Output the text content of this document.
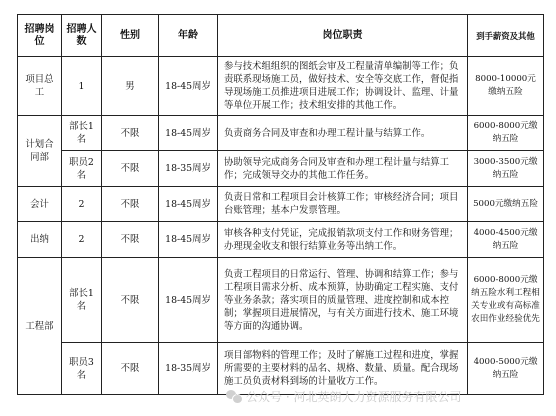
招聘岗位	招聘人数	性别	年龄	岗位职责	到手薪资及其他
项目总工	1	男	18-45周岁	参与技术组组织的图纸会审及工程量清单编制等工作；负责联系现场施工员，做好技术、安全等交底工作，督促指导现场施工员推进项目进展工作；协调设计、监理、计量等单位开展工作；技术组安排的其他工作。	8000-10000元缴纳五险
计划合同部	部长1名	不限	18-45周岁	负责商务合同及审查和办理工程计量与结算工作。	6000-8000元缴纳五险
	职员2名	不限	18-35周岁	协助领导完成商务合同及审查和办理工程计量与结算工作；完成领导交办的其他工作任务。	3000-3500元缴纳五险
会计	2	不限	18-45周岁	负责日常和工程项目会计核算工作；审核经济合同；项目台账管理；基本户发票管理。	5000元缴纳五险
出纳	2	不限	18-45周岁	审核各种支付凭证，完成报销款项支付工作和财务管理；办理现金收支和银行结算业务等出纳工作。	4000-4500元缴纳五险
工程部	部长1名	不限	18-45周岁	负责工程项目的日常运行、管理、协调和结算工作；参与工程项目需求分析、成本预算，协助确定工程实施、支付等业务条款；落实项目的质量管理、进度控制和成本控制；掌握项目进展情况，与有关方面进行技术、施工环境等方面的沟通协调。	6000-8000元缴纳五险水利工程相关专业或有高标准农田作业经验优先
	职员3名	不限	18-35周岁	项目部物料的管理工作；及时了解施工过程和进度，掌握所需要的主要材料的品名、规格、数量、质量。配合现场施工员负责材料到场的计量收方工作。	4000-5000元缴纳五险
公众号 · 河北英朗人力资源服务有限公司
